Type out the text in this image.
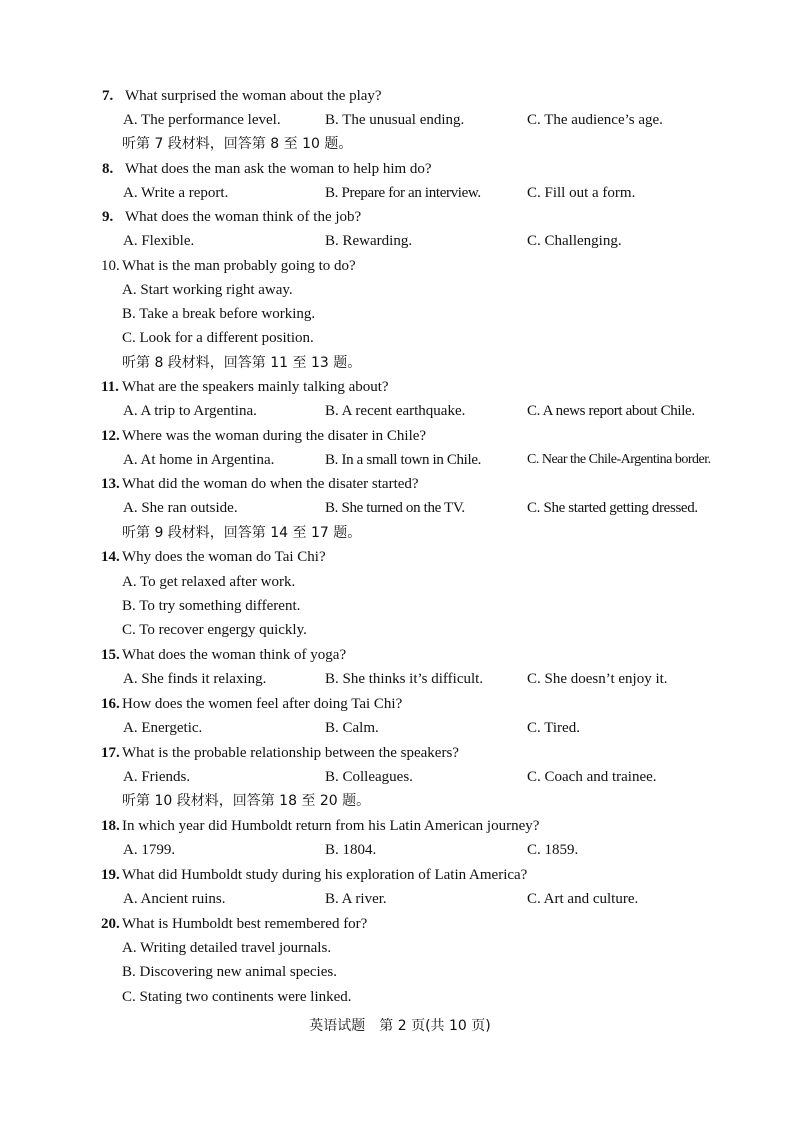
7. What surprised the woman about the play?
A. The performance level.	B. The unusual ending.	C. The audience’s age.
听第 7 段材料，回答第 8 至 10 题。
8. What does the man ask the woman to help him do?
A. Write a report.	B. Prepare for an interview.	C. Fill out a form.
9. What does the woman think of the job?
A. Flexible.	B. Rewarding.	C. Challenging.
10. What is the man probably going to do?
A. Start working right away.
B. Take a break before working.
C. Look for a different position.
听第 8 段材料，回答第 11 至 13 题。
11. What are the speakers mainly talking about?
A. A trip to Argentina.	B. A recent earthquake.	C. A news report about Chile.
12. Where was the woman during the disater in Chile?
A. At home in Argentina.	B. In a small town in Chile.	C. Near the Chile-Argentina border.
13. What did the woman do when the disater started?
A. She ran outside.	B. She turned on the TV.	C. She started getting dressed.
听第 9 段材料，回答第 14 至 17 题。
14. Why does the woman do Tai Chi?
A. To get relaxed after work.
B. To try something different.
C. To recover engergy quickly.
15. What does the woman think of yoga?
A. She finds it relaxing.	B. She thinks it’s difficult.	C. She doesn’t enjoy it.
16. How does the women feel after doing Tai Chi?
A. Energetic.	B. Calm.	C. Tired.
17. What is the probable relationship between the speakers?
A. Friends.	B. Colleagues.	C. Coach and trainee.
听第 10 段材料，回答第 18 至 20 题。
18. In which year did Humboldt return from his Latin American journey?
A. 1799.	B. 1804.	C. 1859.
19. What did Humboldt study during his exploration of Latin America?
A. Ancient ruins.	B. A river.	C. Art and culture.
20. What is Humboldt best remembered for?
A. Writing detailed travel journals.
B. Discovering new animal species.
C. Stating two continents were linked.
英语试题　第 2 页(共 10 页)
